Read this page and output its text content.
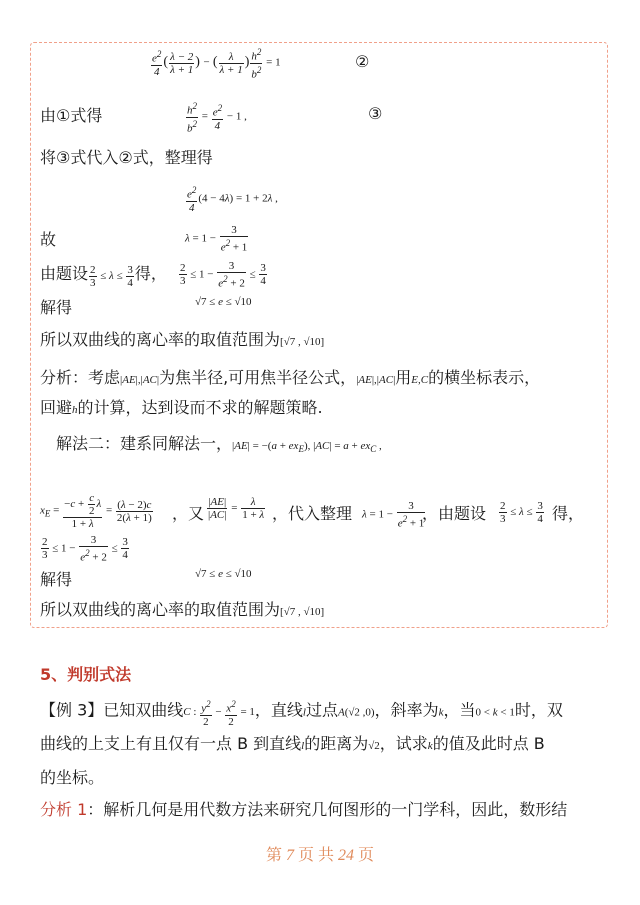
$\frac{e^2}{4}$ ( $\frac{\lambda - 2}{\lambda + 1}$ ) − ( $\frac{\lambda}{\lambda + 1}$ ) $\frac{h^2}{b^2} = 1$	②
由①式得	$\frac{h^2}{b^2} = \frac{e^2}{4} - 1$ ,	③
将③式代入②式，整理得
$\frac{e^2}{4} (4 - 4\lambda) = 1 + 2\lambda$ ,
故	$\lambda = 1 - \frac{3}{e^2 + 1}$
由题设 $\frac{2}{3} \le \lambda \le \frac{3}{4}$ 得， $\frac{2}{3} \le 1 - \frac{3}{e^2 + 2} \le \frac{3}{4}$
解得	√7 ≤ e ≤ √10
所以双曲线的离心率的取值范围为[√7 , √10]
分析：考虑|AE|,|AC|为焦半径,可用焦半径公式，|AE|,|AC|用E,C的横坐标表示，
回避h的计算，达到设而不求的解题策略.
解法二：建系同解法一，$|AE| = -(a + ex_E)$, $|AC| = a + ex_C$ ,
$x_E = \frac{-c + \frac{c}{2} \lambda}{1 + \lambda} = \frac{(\lambda - 2)c}{2(\lambda + 1)}$ ，又 $\frac{|AE|}{|AC|} = \frac{\lambda}{1 + \lambda}$ ，代入整理 $\lambda = 1 - \frac{3}{e^2 + 1}$
，由题设 $\frac{2}{3} \le \lambda \le \frac{3}{4}$ 得，
$\frac{2}{3} \le 1 - \frac{3}{e^2 + 2} \le \frac{3}{4}$
解得	√7 ≤ e ≤ √10
所以双曲线的离心率的取值范围为[√7 , √10]
5、判别式法
【例 3】已知双曲线C : $\frac{y^2}{2} - \frac{x^2}{2} = 1$，直线l过点A(√2 ,0)，斜率为k，当0 < k < 1时，双
曲线的上支上有且仅有一点 B 到直线l的距离为√2，试求k的值及此时点 B
的坐标。
分析 1：解析几何是用代数方法来研究几何图形的一门学科，因此，数形结
第 7 页 共 24 页
